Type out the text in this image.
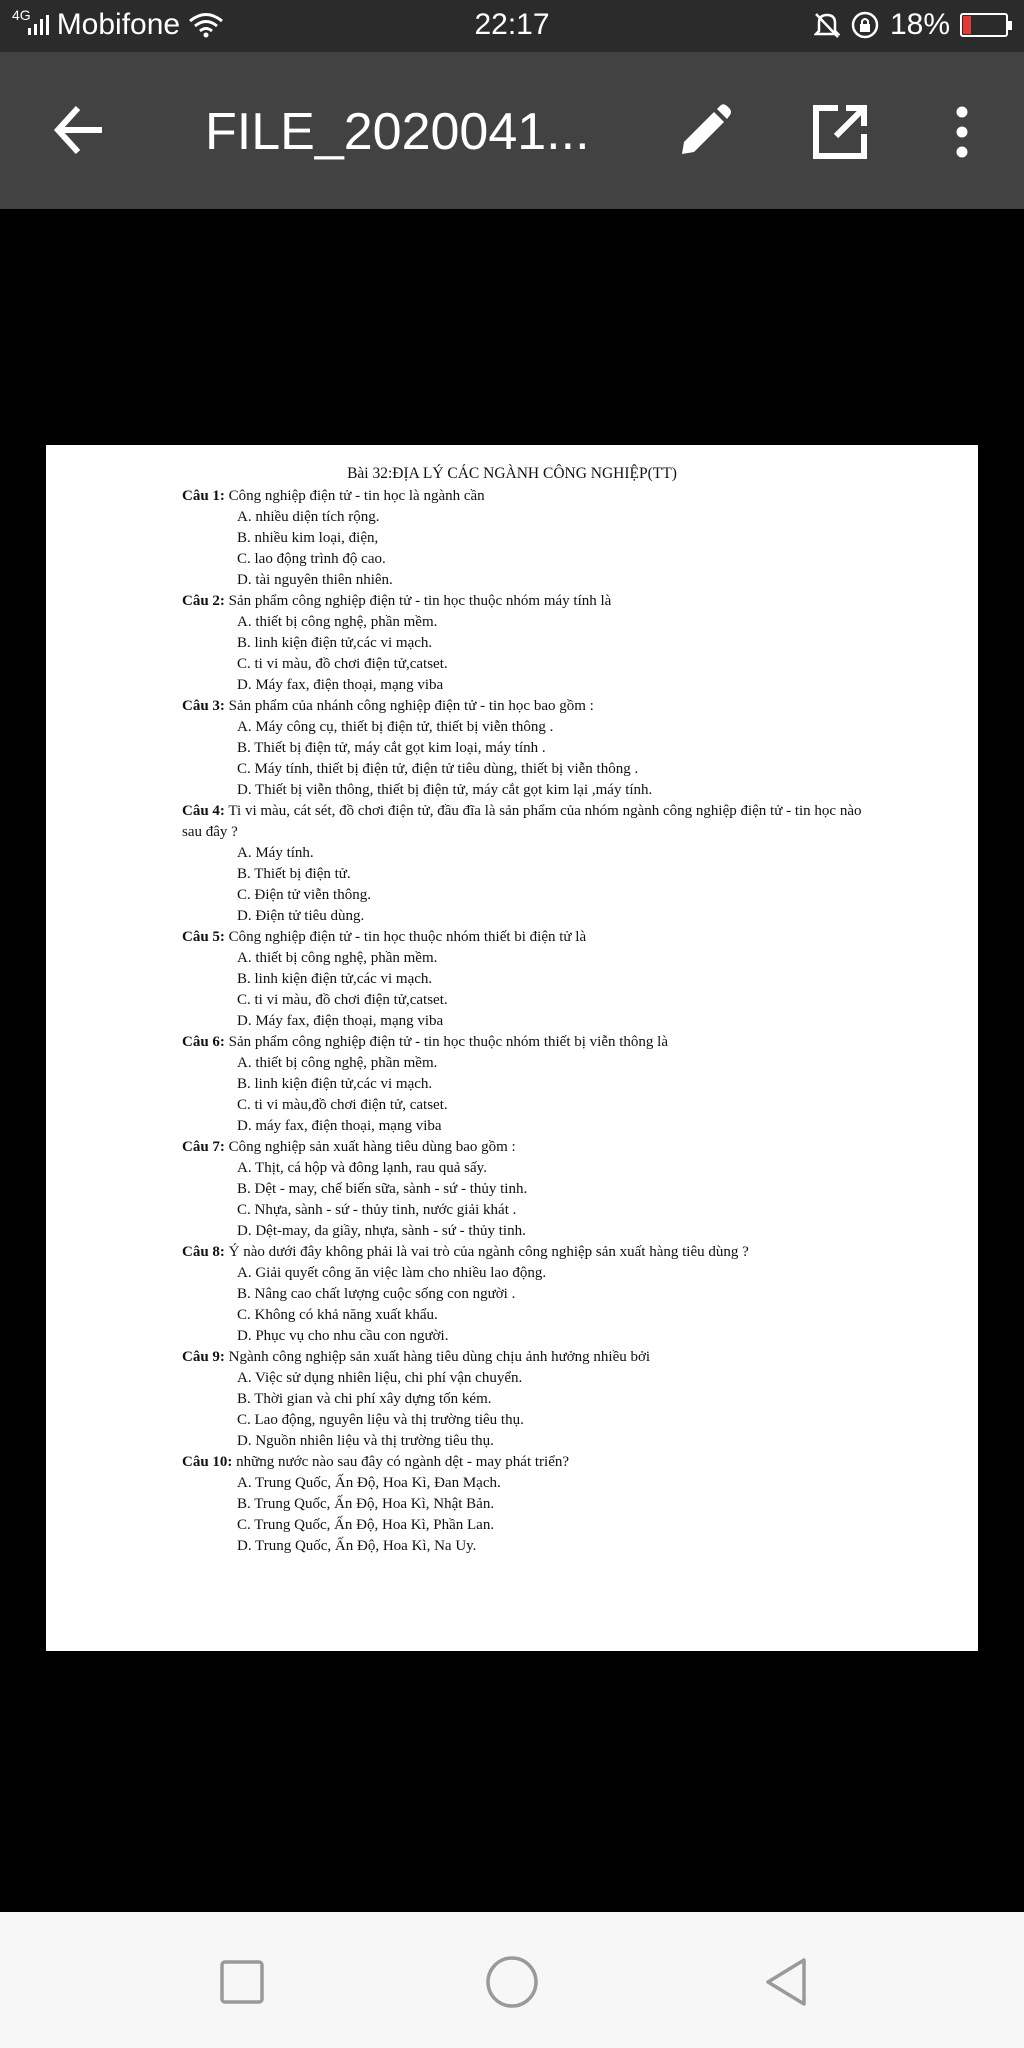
4G Mobifone	22:17	18%
FILE_2020041...
Bài 32:ĐỊA LÝ CÁC NGÀNH CÔNG NGHIỆP(TT)
Câu 1: Công nghiệp điện tử - tin học là ngành cần
A. nhiều diện tích rộng.
B. nhiều kim loại, điện,
C. lao động trình độ cao.
D. tài nguyên thiên nhiên.
Câu 2: Sản phẩm công nghiệp điện tử - tin học thuộc nhóm máy tính là
A. thiết bị công nghệ, phần mềm.
B. linh kiện điện tử,các vi mạch.
C. ti vi màu, đồ chơi điện tử,catset.
D. Máy fax, điện thoại, mạng viba
Câu 3: Sản phẩm của nhánh công nghiệp điện tử - tin học bao gồm :
A. Máy công cụ, thiết bị điện tử, thiết bị viễn thông .
B. Thiết bị điện tử, máy cắt gọt kim loại, máy tính .
C. Máy tính, thiết bị điện tử, điện tử tiêu dùng, thiết bị viễn thông .
D. Thiết bị viễn thông, thiết bị điện tử, máy cắt gọt kim lại ,máy tính.
Câu 4: Ti vi màu, cát sét, đồ chơi điện tử, đầu đĩa là sản phẩm của nhóm ngành công nghiệp điện tử - tin học nào sau đây ?
A. Máy tính.
B. Thiết bị điện tử.
C. Điện tử viễn thông.
D. Điện tử tiêu dùng.
Câu 5: Công nghiệp điện tử - tin học thuộc nhóm thiết bi điện tử là
A. thiết bị công nghệ, phần mềm.
B. linh kiện điện tử,các vi mạch.
C. ti vi màu, đồ chơi điện tử,catset.
D. Máy fax, điện thoại, mạng viba
Câu 6: Sản phẩm công nghiệp điện tử - tin học thuộc nhóm thiết bị viễn thông là
A. thiết bị công nghệ, phần mềm.
B. linh kiện điện tử,các vi mạch.
C. ti vi màu,đồ chơi điện tử, catset.
D. máy fax, điện thoại, mạng viba
Câu 7: Công nghiệp sản xuất hàng tiêu dùng bao gồm :
A. Thịt, cá hộp và đông lạnh, rau quả sấy.
B. Dệt - may, chế biến sữa, sành - sứ - thủy tinh.
C. Nhựa, sành - sứ - thủy tinh, nước giải khát .
D. Dệt-may, da giầy, nhựa, sành - sứ - thủy tinh.
Câu 8: Ý nào dưới đây không phải là vai trò của ngành công nghiệp sản xuất hàng tiêu dùng ?
A. Giải quyết công ăn việc làm cho nhiều lao động.
B. Nâng cao chất lượng cuộc sống con người .
C. Không có khả năng xuất khẩu.
D. Phục vụ cho nhu cầu con người.
Câu 9: Ngành công nghiệp sản xuất hàng tiêu dùng chịu ảnh hưởng nhiều bởi
A. Việc sử dụng nhiên liệu, chi phí vận chuyển.
B. Thời gian và chi phí xây dựng tốn kém.
C. Lao động, nguyên liệu và thị trường tiêu thụ.
D. Nguồn nhiên liệu và thị trường tiêu thụ.
Câu 10: những nước nào sau đây có ngành dệt - may phát triển?
A. Trung Quốc, Ấn Độ, Hoa Kì, Đan Mạch.
B. Trung Quốc, Ấn Độ, Hoa Kì, Nhật Bản.
C. Trung Quốc, Ấn Độ, Hoa Kì, Phần Lan.
D. Trung Quốc, Ấn Độ, Hoa Kì, Na Uy.
